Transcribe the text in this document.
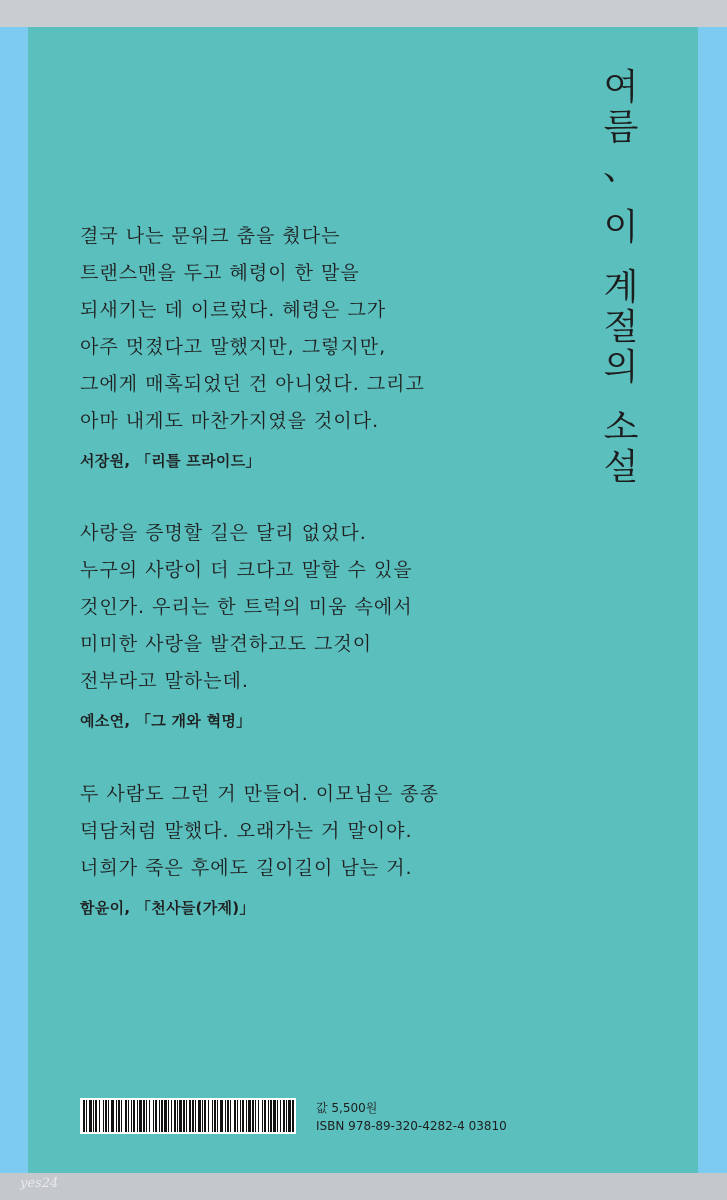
여
름
、
이
계
절
의
소
설
결국 나는 문워크 춤을 췄다는
트랜스맨을 두고 혜령이 한 말을
되새기는 데 이르렀다. 혜령은 그가
아주 멋졌다고 말했지만, 그렇지만,
그에게 매혹되었던 건 아니었다. 그리고
아마 내게도 마찬가지였을 것이다.
서장원, 「리틀 프라이드」
사랑을 증명할 길은 달리 없었다.
누구의 사랑이 더 크다고 말할 수 있을
것인가. 우리는 한 트럭의 미움 속에서
미미한 사랑을 발견하고도 그것이
전부라고 말하는데.
예소연, 「그 개와 혁명」
두 사람도 그런 거 만들어. 이모님은 종종
덕담처럼 말했다. 오래가는 거 말이야.
너희가 죽은 후에도 길이길이 남는 거.
함윤이, 「천사들(가제)」
값 5,500원
ISBN 978-89-320-4282-4 03810
yes24
